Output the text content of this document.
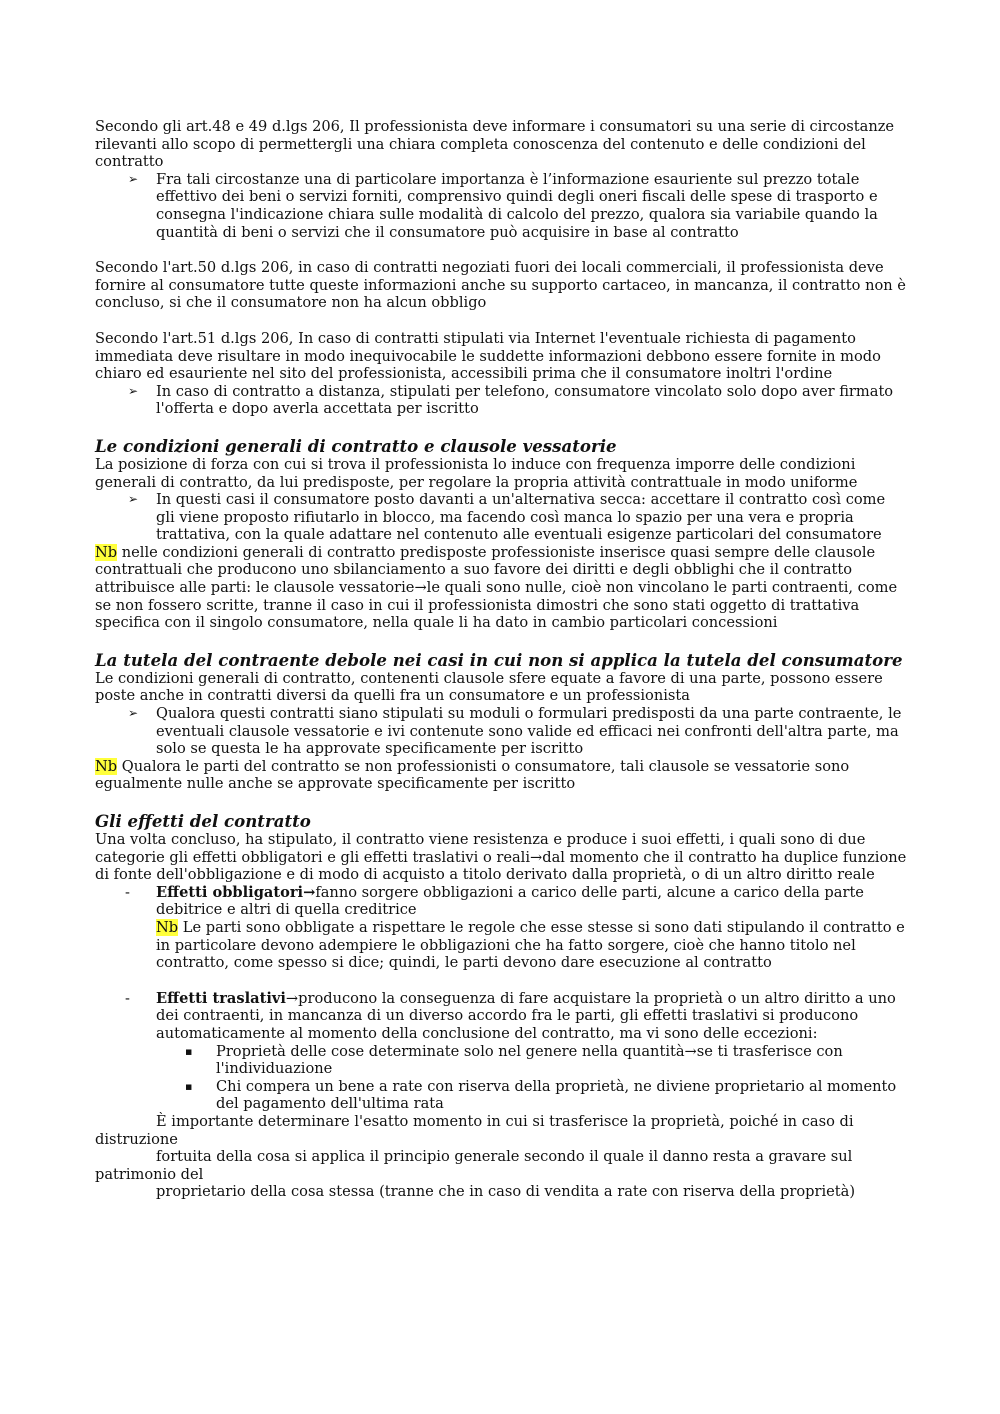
Secondo gli art.48 e 49 d.lgs 206, Il professionista deve informare i consumatori su una serie di circostanze rilevanti allo scopo di permettergli una chiara completa conoscenza del contenuto e delle condizioni del contratto

➢ Fra tali circostanze una di particolare importanza è l’informazione esauriente sul prezzo totale effettivo dei beni o servizi forniti, comprensivo quindi degli oneri fiscali delle spese di trasporto e consegna l'indicazione chiara sulle modalità di calcolo del prezzo, qualora sia variabile quando la quantità di beni o servizi che il consumatore può acquisire in base al contratto

Secondo l'art.50 d.lgs 206, in caso di contratti negoziati fuori dei locali commerciali, il professionista deve fornire al consumatore tutte queste informazioni anche su supporto cartaceo, in mancanza, il contratto non è concluso, si che il consumatore non ha alcun obbligo

Secondo l'art.51 d.lgs 206, In caso di contratti stipulati via Internet l'eventuale richiesta di pagamento immediata deve risultare in modo inequivocabile le suddette informazioni debbono essere fornite in modo chiaro ed esauriente nel sito del professionista, accessibili prima che il consumatore inoltri l'ordine

➢ In caso di contratto a distanza, stipulati per telefono, consumatore vincolato solo dopo aver firmato l'offerta e dopo averla accettata per iscritto
Le condizioni generali di contratto e clausole vessatorie

La posizione di forza con cui si trova il professionista lo induce con frequenza imporre delle condizioni generali di contratto, da lui predisposte, per regolare la propria attività contrattuale in modo uniforme

➢ In questi casi il consumatore posto davanti a un'alternativa secca: accettare il contratto così come gli viene proposto rifiutarlo in blocco, ma facendo così manca lo spazio per una vera e propria trattativa, con la quale adattare nel contenuto alle eventuali esigenze particolari del consumatore

Nb nelle condizioni generali di contratto predisposte professioniste inserisce quasi sempre delle clausole contrattuali che producono uno sbilanciamento a suo favore dei diritti e degli obblighi che il contratto attribuisce alle parti: le clausole vessatorie→le quali sono nulle, cioè non vincolano le parti contraenti, come se non fossero scritte, tranne il caso in cui il professionista dimostri che sono stati oggetto di trattativa specifica con il singolo consumatore, nella quale li ha dato in cambio particolari concessioni

La tutela del contraente debole nei casi in cui non si applica la tutela del consumatore

Le condizioni generali di contratto, contenenti clausole sfere equate a favore di una parte, possono essere poste anche in contratti diversi da quelli fra un consumatore e un professionista

➢ Qualora questi contratti siano stipulati su moduli o formulari predisposti da una parte contraente, le eventuali clausole vessatorie e ivi contenute sono valide ed efficaci nei confronti dell'altra parte, ma solo se questa le ha approvate specificamente per iscritto

Nb Qualora le parti del contratto se non professionisti o consumatore, tali clausole se vessatorie sono egualmente nulle anche se approvate specificamente per iscritto

Gli effetti del contratto

Una volta concluso, ha stipulato, il contratto viene resistenza e produce i suoi effetti, i quali sono di due categorie gli effetti obbligatori e gli effetti traslativi o reali→dal momento che il contratto ha duplice funzione di fonte dell'obbligazione e di modo di acquisto a titolo derivato dalla proprietà, o di un altro diritto reale

- Effetti obbligatori→fanno sorgere obbligazioni a carico delle parti, alcune a carico della parte debitrice e altri di quella creditrice

Nb Le parti sono obbligate a rispettare le regole che esse stesse si sono dati stipulando il contratto e in particolare devono adempiere le obbligazioni che ha fatto sorgere, cioè che hanno titolo nel contratto, come spesso si dice; quindi, le parti devono dare esecuzione al contratto

- Effetti traslativi→producono la conseguenza di fare acquistare la proprietà o un altro diritto a uno dei contraenti, in mancanza di un diverso accordo fra le parti, gli effetti traslativi si producono automaticamente al momento della conclusione del contratto, ma vi sono delle eccezioni:
▪ Proprietà delle cose determinate solo nel genere nella quantità→se ti trasferisce con l'individuazione
▪ Chi compera un bene a rate con riserva della proprietà, ne diviene proprietario al momento del pagamento dell'ultima rata

È importante determinare l'esatto momento in cui si trasferisce la proprietà, poiché in caso di distruzione

fortuita della cosa si applica il principio generale secondo il quale il danno resta a gravare sul patrimonio del

proprietario della cosa stessa (tranne che in caso di vendita a rate con riserva della proprietà)
